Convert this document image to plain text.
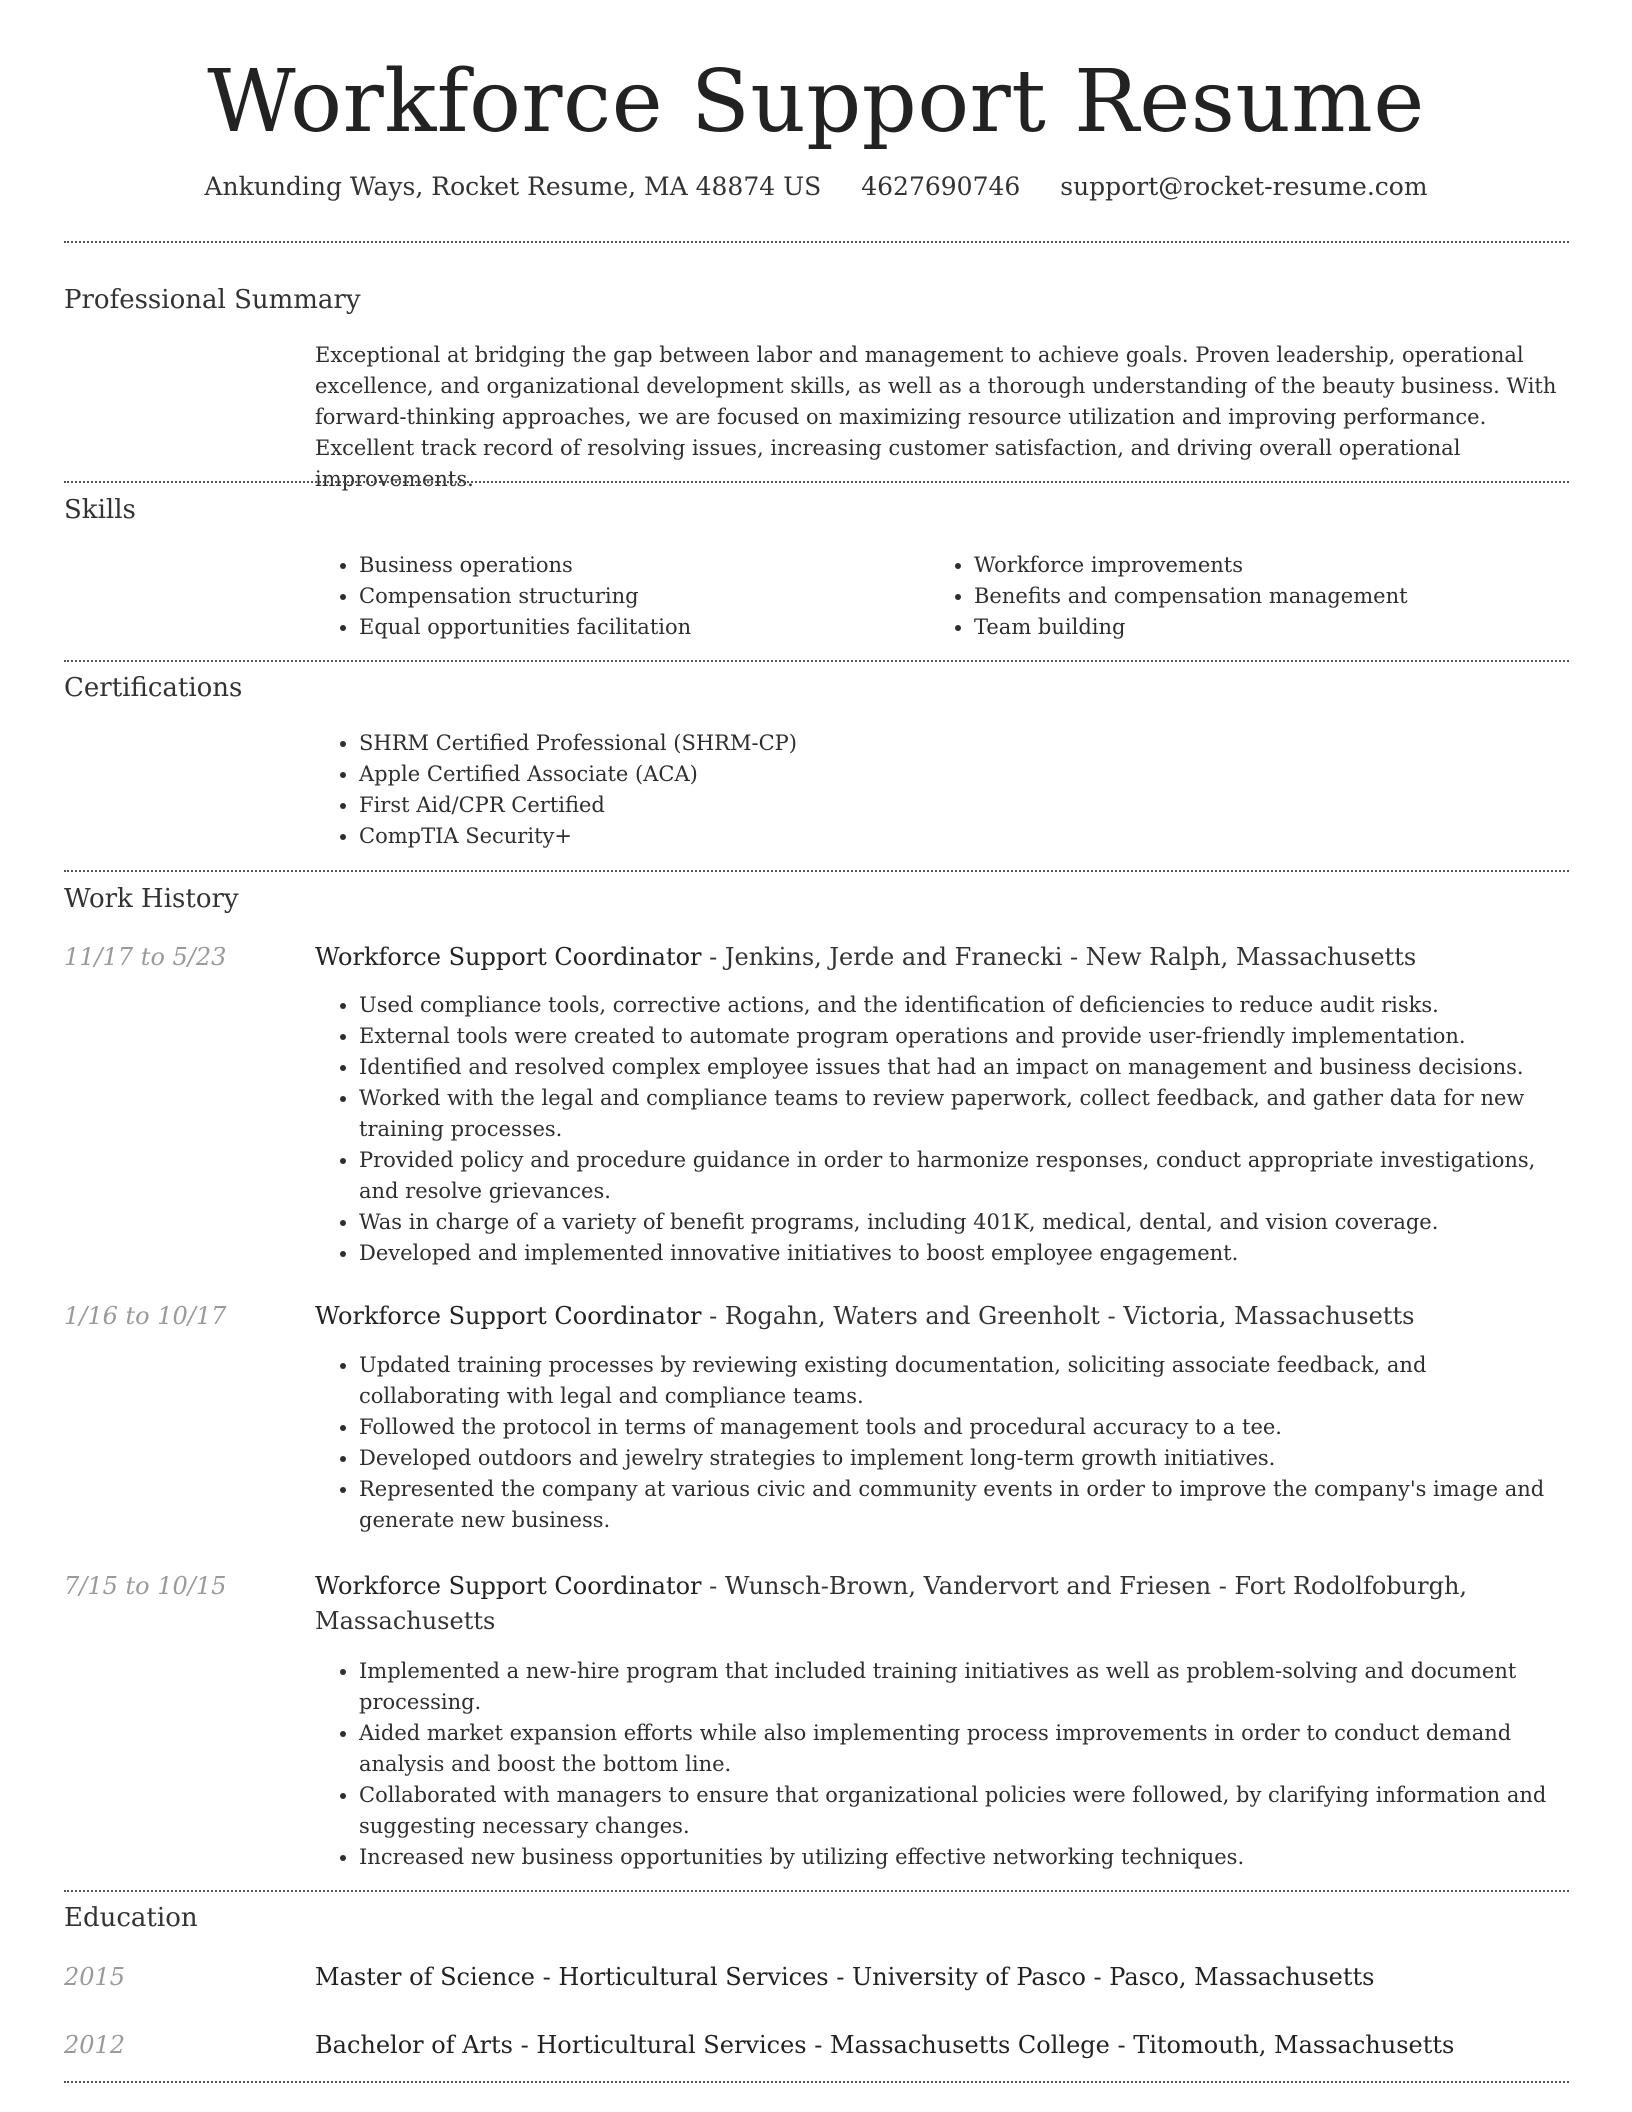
Workforce Support Resume
Ankunding Ways, Rocket Resume, MA 48874 US 4627690746 support@rocket-resume.com
Professional Summary

Exceptional at bridging the gap between labor and management to achieve goals. Proven leadership, operational excellence, and organizational development skills, as well as a thorough understanding of the beauty business. With forward-thinking approaches, we are focused on maximizing resource utilization and improving performance. Excellent track record of resolving issues, increasing customer satisfaction, and driving overall operational improvements.

Skills
• Business operations
• Compensation structuring
• Equal opportunities facilitation
• Workforce improvements
• Benefits and compensation management
• Team building
Certifications
• SHRM Certified Professional (SHRM-CP)
• Apple Certified Associate (ACA)
• First Aid/CPR Certified
• CompTIA Security+
Work History
11/17 to 5/23	Workforce Support Coordinator - Jenkins, Jerde and Franecki - New Ralph, Massachusetts
• Used compliance tools, corrective actions, and the identification of deficiencies to reduce audit risks.
• External tools were created to automate program operations and provide user-friendly implementation.
• Identified and resolved complex employee issues that had an impact on management and business decisions.
• Worked with the legal and compliance teams to review paperwork, collect feedback, and gather data for new training processes.
• Provided policy and procedure guidance in order to harmonize responses, conduct appropriate investigations, and resolve grievances.
• Was in charge of a variety of benefit programs, including 401K, medical, dental, and vision coverage.
• Developed and implemented innovative initiatives to boost employee engagement.
1/16 to 10/17	Workforce Support Coordinator - Rogahn, Waters and Greenholt - Victoria, Massachusetts
• Updated training processes by reviewing existing documentation, soliciting associate feedback, and collaborating with legal and compliance teams.
• Followed the protocol in terms of management tools and procedural accuracy to a tee.
• Developed outdoors and jewelry strategies to implement long-term growth initiatives.
• Represented the company at various civic and community events in order to improve the company's image and generate new business.
7/15 to 10/15	Workforce Support Coordinator - Wunsch-Brown, Vandervort and Friesen - Fort Rodolfoburgh, Massachusetts
• Implemented a new-hire program that included training initiatives as well as problem-solving and document processing.
• Aided market expansion efforts while also implementing process improvements in order to conduct demand analysis and boost the bottom line.
• Collaborated with managers to ensure that organizational policies were followed, by clarifying information and suggesting necessary changes.
• Increased new business opportunities by utilizing effective networking techniques.
Education
2015	Master of Science - Horticultural Services - University of Pasco - Pasco, Massachusetts
2012	Bachelor of Arts - Horticultural Services - Massachusetts College - Titomouth, Massachusetts
